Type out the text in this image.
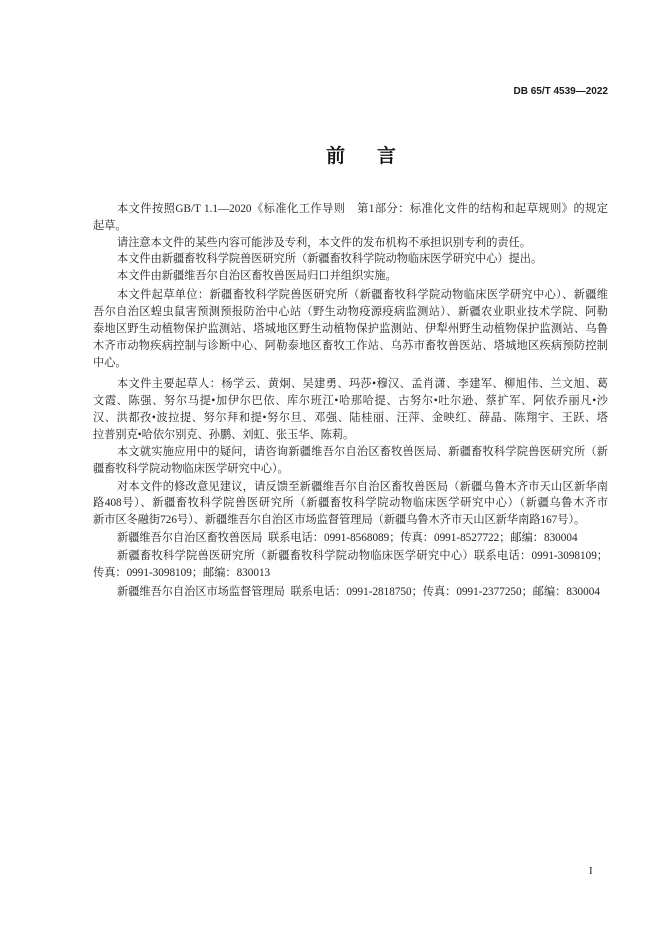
DB 65/T 4539—2022
前 言
本文件按照GB/T 1.1—2020《标准化工作导则　第1部分：标准化文件的结构和起草规则》的规定
起草。
请注意本文件的某些内容可能涉及专利，本文件的发布机构不承担识别专利的责任。
本文件由新疆畜牧科学院兽医研究所（新疆畜牧科学院动物临床医学研究中心）提出。
本文件由新疆维吾尔自治区畜牧兽医局归口并组织实施。
本文件起草单位：新疆畜牧科学院兽医研究所（新疆畜牧科学院动物临床医学研究中心）、新疆维
吾尔自治区蝗虫鼠害预测预报防治中心站（野生动物疫源疫病监测站）、新疆农业职业技术学院、阿勒
泰地区野生动植物保护监测站、塔城地区野生动植物保护监测站、伊犁州野生动植物保护监测站、乌鲁
木齐市动物疾病控制与诊断中心、阿勒泰地区畜牧工作站、乌苏市畜牧兽医站、塔城地区疾病预防控制
中心。
本文件主要起草人：杨学云、黄炯、吴建勇、玛莎•穆汉、孟肖潇、李建军、柳旭伟、兰文旭、葛
文霞、陈强、努尔马提•加伊尔巴依、库尔班江•哈那哈提、古努尔•吐尔逊、蔡扩军、阿依乔丽凡•沙
汉、洪都孜•波拉提、努尔拜和提•努尔旦、邓强、陆桂丽、汪萍、金映红、薛晶、陈翔宇、王跃、塔
拉普别克•哈依尔别克、孙鹏、刘虹、张玉华、陈莉。
本文就实施应用中的疑问，请咨询新疆维吾尔自治区畜牧兽医局、新疆畜牧科学院兽医研究所（新
疆畜牧科学院动物临床医学研究中心）。
对本文件的修改意见建议，请反馈至新疆维吾尔自治区畜牧兽医局（新疆乌鲁木齐市天山区新华南
路408号）、新疆畜牧科学院兽医研究所（新疆畜牧科学院动物临床医学研究中心）（新疆乌鲁木齐市
新市区冬融街726号）、新疆维吾尔自治区市场监督管理局（新疆乌鲁木齐市天山区新华南路167号）。
新疆维吾尔自治区畜牧兽医局  联系电话：0991-8568089；传真：0991-8527722；邮编：830004
新疆畜牧科学院兽医研究所（新疆畜牧科学院动物临床医学研究中心）联系电话：0991-3098109；
传真：0991-3098109；邮编：830013
新疆维吾尔自治区市场监督管理局  联系电话：0991-2818750；传真：0991-2377250；邮编：830004
I
